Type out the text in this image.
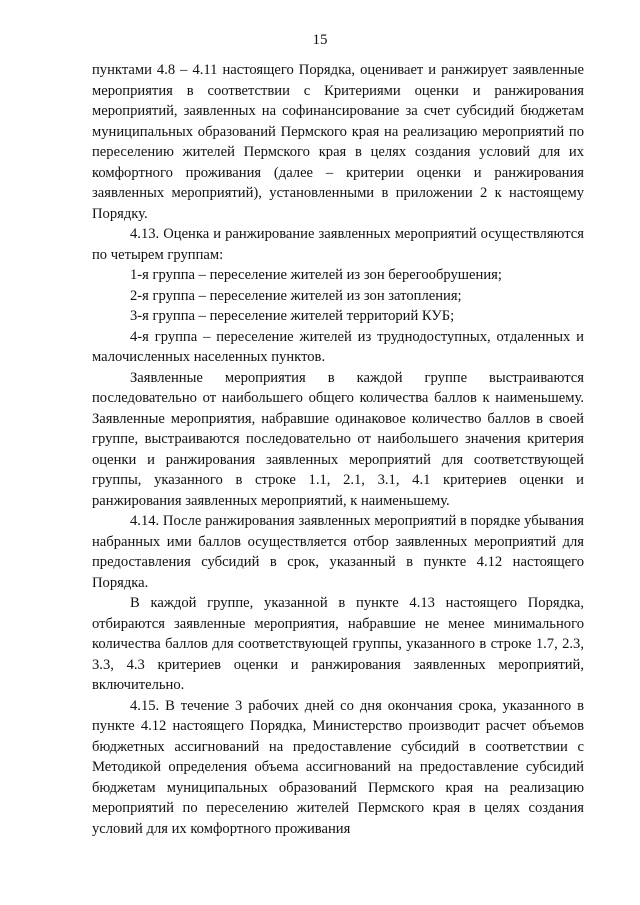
15

пунктами 4.8 – 4.11 настоящего Порядка, оценивает и ранжирует заявленные мероприятия в соответствии с Критериями оценки и ранжирования мероприятий, заявленных на софинансирование за счет субсидий бюджетам муниципальных образований Пермского края на реализацию мероприятий по переселению жителей Пермского края в целях создания условий для их комфортного проживания (далее – критерии оценки и ранжирования заявленных мероприятий), установленными в приложении 2 к настоящему Порядку.

4.13. Оценка и ранжирование заявленных мероприятий осуществляются по четырем группам:

1-я группа – переселение жителей из зон берегообрушения;

2-я группа – переселение жителей из зон затопления;

3-я группа – переселение жителей территорий КУБ;

4-я группа – переселение жителей из труднодоступных, отдаленных и малочисленных населенных пунктов.

Заявленные мероприятия в каждой группе выстраиваются последовательно от наибольшего общего количества баллов к наименьшему. Заявленные мероприятия, набравшие одинаковое количество баллов в своей группе, выстраиваются последовательно от наибольшего значения критерия оценки и ранжирования заявленных мероприятий для соответствующей группы, указанного в строке 1.1, 2.1, 3.1, 4.1 критериев оценки и ранжирования заявленных мероприятий, к наименьшему.

4.14. После ранжирования заявленных мероприятий в порядке убывания набранных ими баллов осуществляется отбор заявленных мероприятий для предоставления субсидий в срок, указанный в пункте 4.12 настоящего Порядка.

В каждой группе, указанной в пункте 4.13 настоящего Порядка, отбираются заявленные мероприятия, набравшие не менее минимального количества баллов для соответствующей группы, указанного в строке 1.7, 2.3, 3.3, 4.3 критериев оценки и ранжирования заявленных мероприятий, включительно.

4.15. В течение 3 рабочих дней со дня окончания срока, указанного в пункте 4.12 настоящего Порядка, Министерство производит расчет объемов бюджетных ассигнований на предоставление субсидий в соответствии с Методикой определения объема ассигнований на предоставление субсидий бюджетам муниципальных образований Пермского края на реализацию мероприятий по переселению жителей Пермского края в целях создания условий для их комфортного проживания
